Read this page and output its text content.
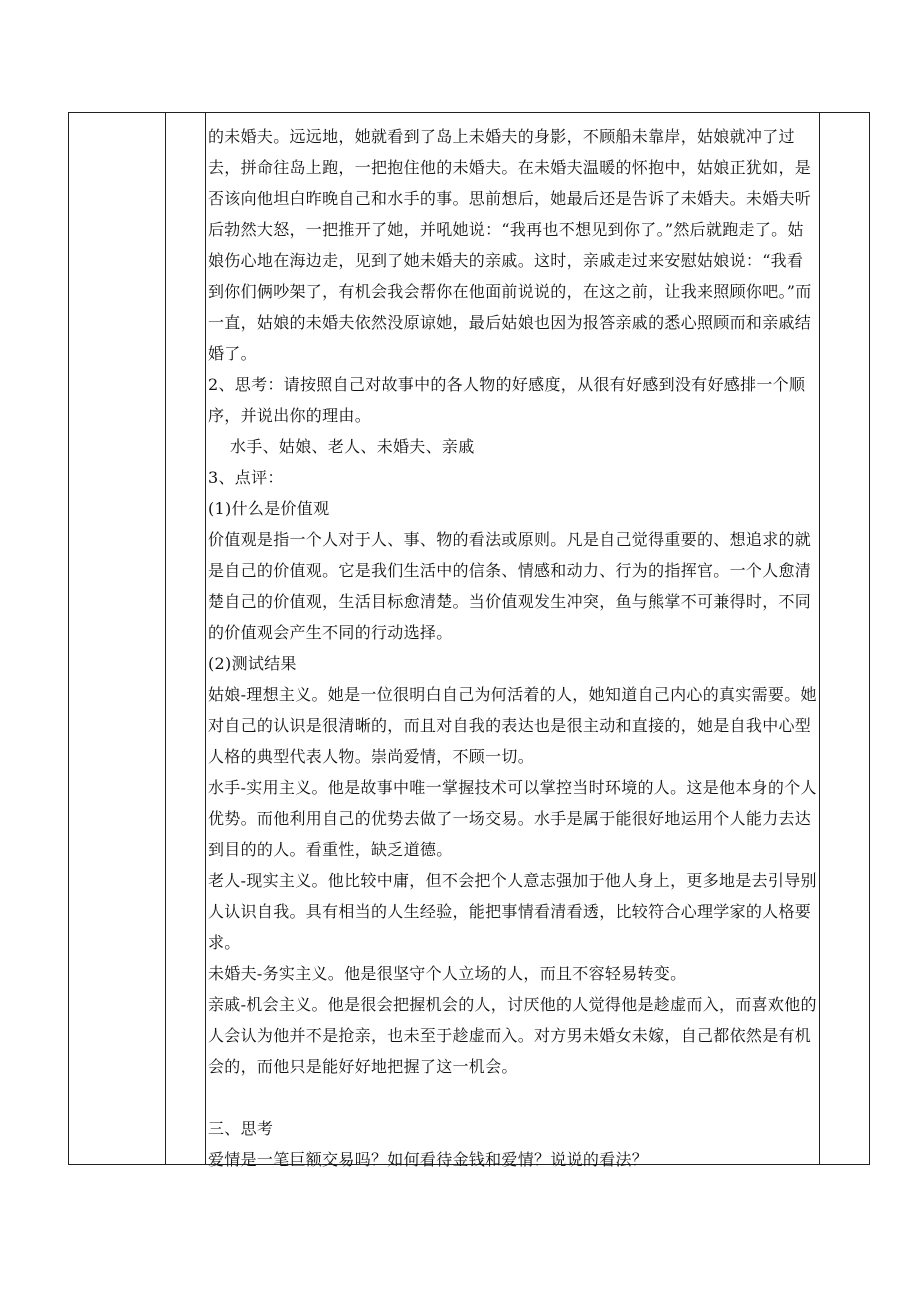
的未婚夫。远远地，她就看到了岛上未婚夫的身影，不顾船未靠岸，姑娘就冲了过去，拼命往岛上跑，一把抱住他的未婚夫。在未婚夫温暖的怀抱中，姑娘正犹如，是否该向他坦白昨晚自己和水手的事。思前想后，她最后还是告诉了未婚夫。未婚夫听后勃然大怒，一把推开了她，并吼她说：“我再也不想见到你了。”然后就跑走了。姑娘伤心地在海边走，见到了她未婚夫的亲戚。这时，亲戚走过来安慰姑娘说：“我看到你们俩吵架了，有机会我会帮你在他面前说说的，在这之前，让我来照顾你吧。”而一直，姑娘的未婚夫依然没原谅她，最后姑娘也因为报答亲戚的悉心照顾而和亲戚结婚了。

2、思考：请按照自己对故事中的各人物的好感度，从很有好感到没有好感排一个顺序，并说出你的理由。

水手、姑娘、老人、未婚夫、亲戚

3、点评：

(1)什么是价值观

价值观是指一个人对于人、事、物的看法或原则。凡是自己觉得重要的、想追求的就是自己的价值观。它是我们生活中的信条、情感和动力、行为的指挥官。一个人愈清楚自己的价值观，生活目标愈清楚。当价值观发生冲突，鱼与熊掌不可兼得时，不同的价值观会产生不同的行动选择。

(2)测试结果

姑娘-理想主义。她是一位很明白自己为何活着的人，她知道自己内心的真实需要。她对自己的认识是很清晰的，而且对自我的表达也是很主动和直接的，她是自我中心型人格的典型代表人物。崇尚爱情，不顾一切。

水手-实用主义。他是故事中唯一掌握技术可以掌控当时环境的人。这是他本身的个人优势。而他利用自己的优势去做了一场交易。水手是属于能很好地运用个人能力去达到目的的人。看重性，缺乏道德。

老人-现实主义。他比较中庸，但不会把个人意志强加于他人身上，更多地是去引导别人认识自我。具有相当的人生经验，能把事情看清看透，比较符合心理学家的人格要求。

未婚夫-务实主义。他是很坚守个人立场的人，而且不容轻易转变。

亲戚-机会主义。他是很会把握机会的人，讨厌他的人觉得他是趁虚而入，而喜欢他的人会认为他并不是抢亲，也未至于趁虚而入。对方男未婚女未嫁，自己都依然是有机会的，而他只是能好好地把握了这一机会。

三、思考

爱情是一笔巨额交易吗？如何看待金钱和爱情？说说的看法？
